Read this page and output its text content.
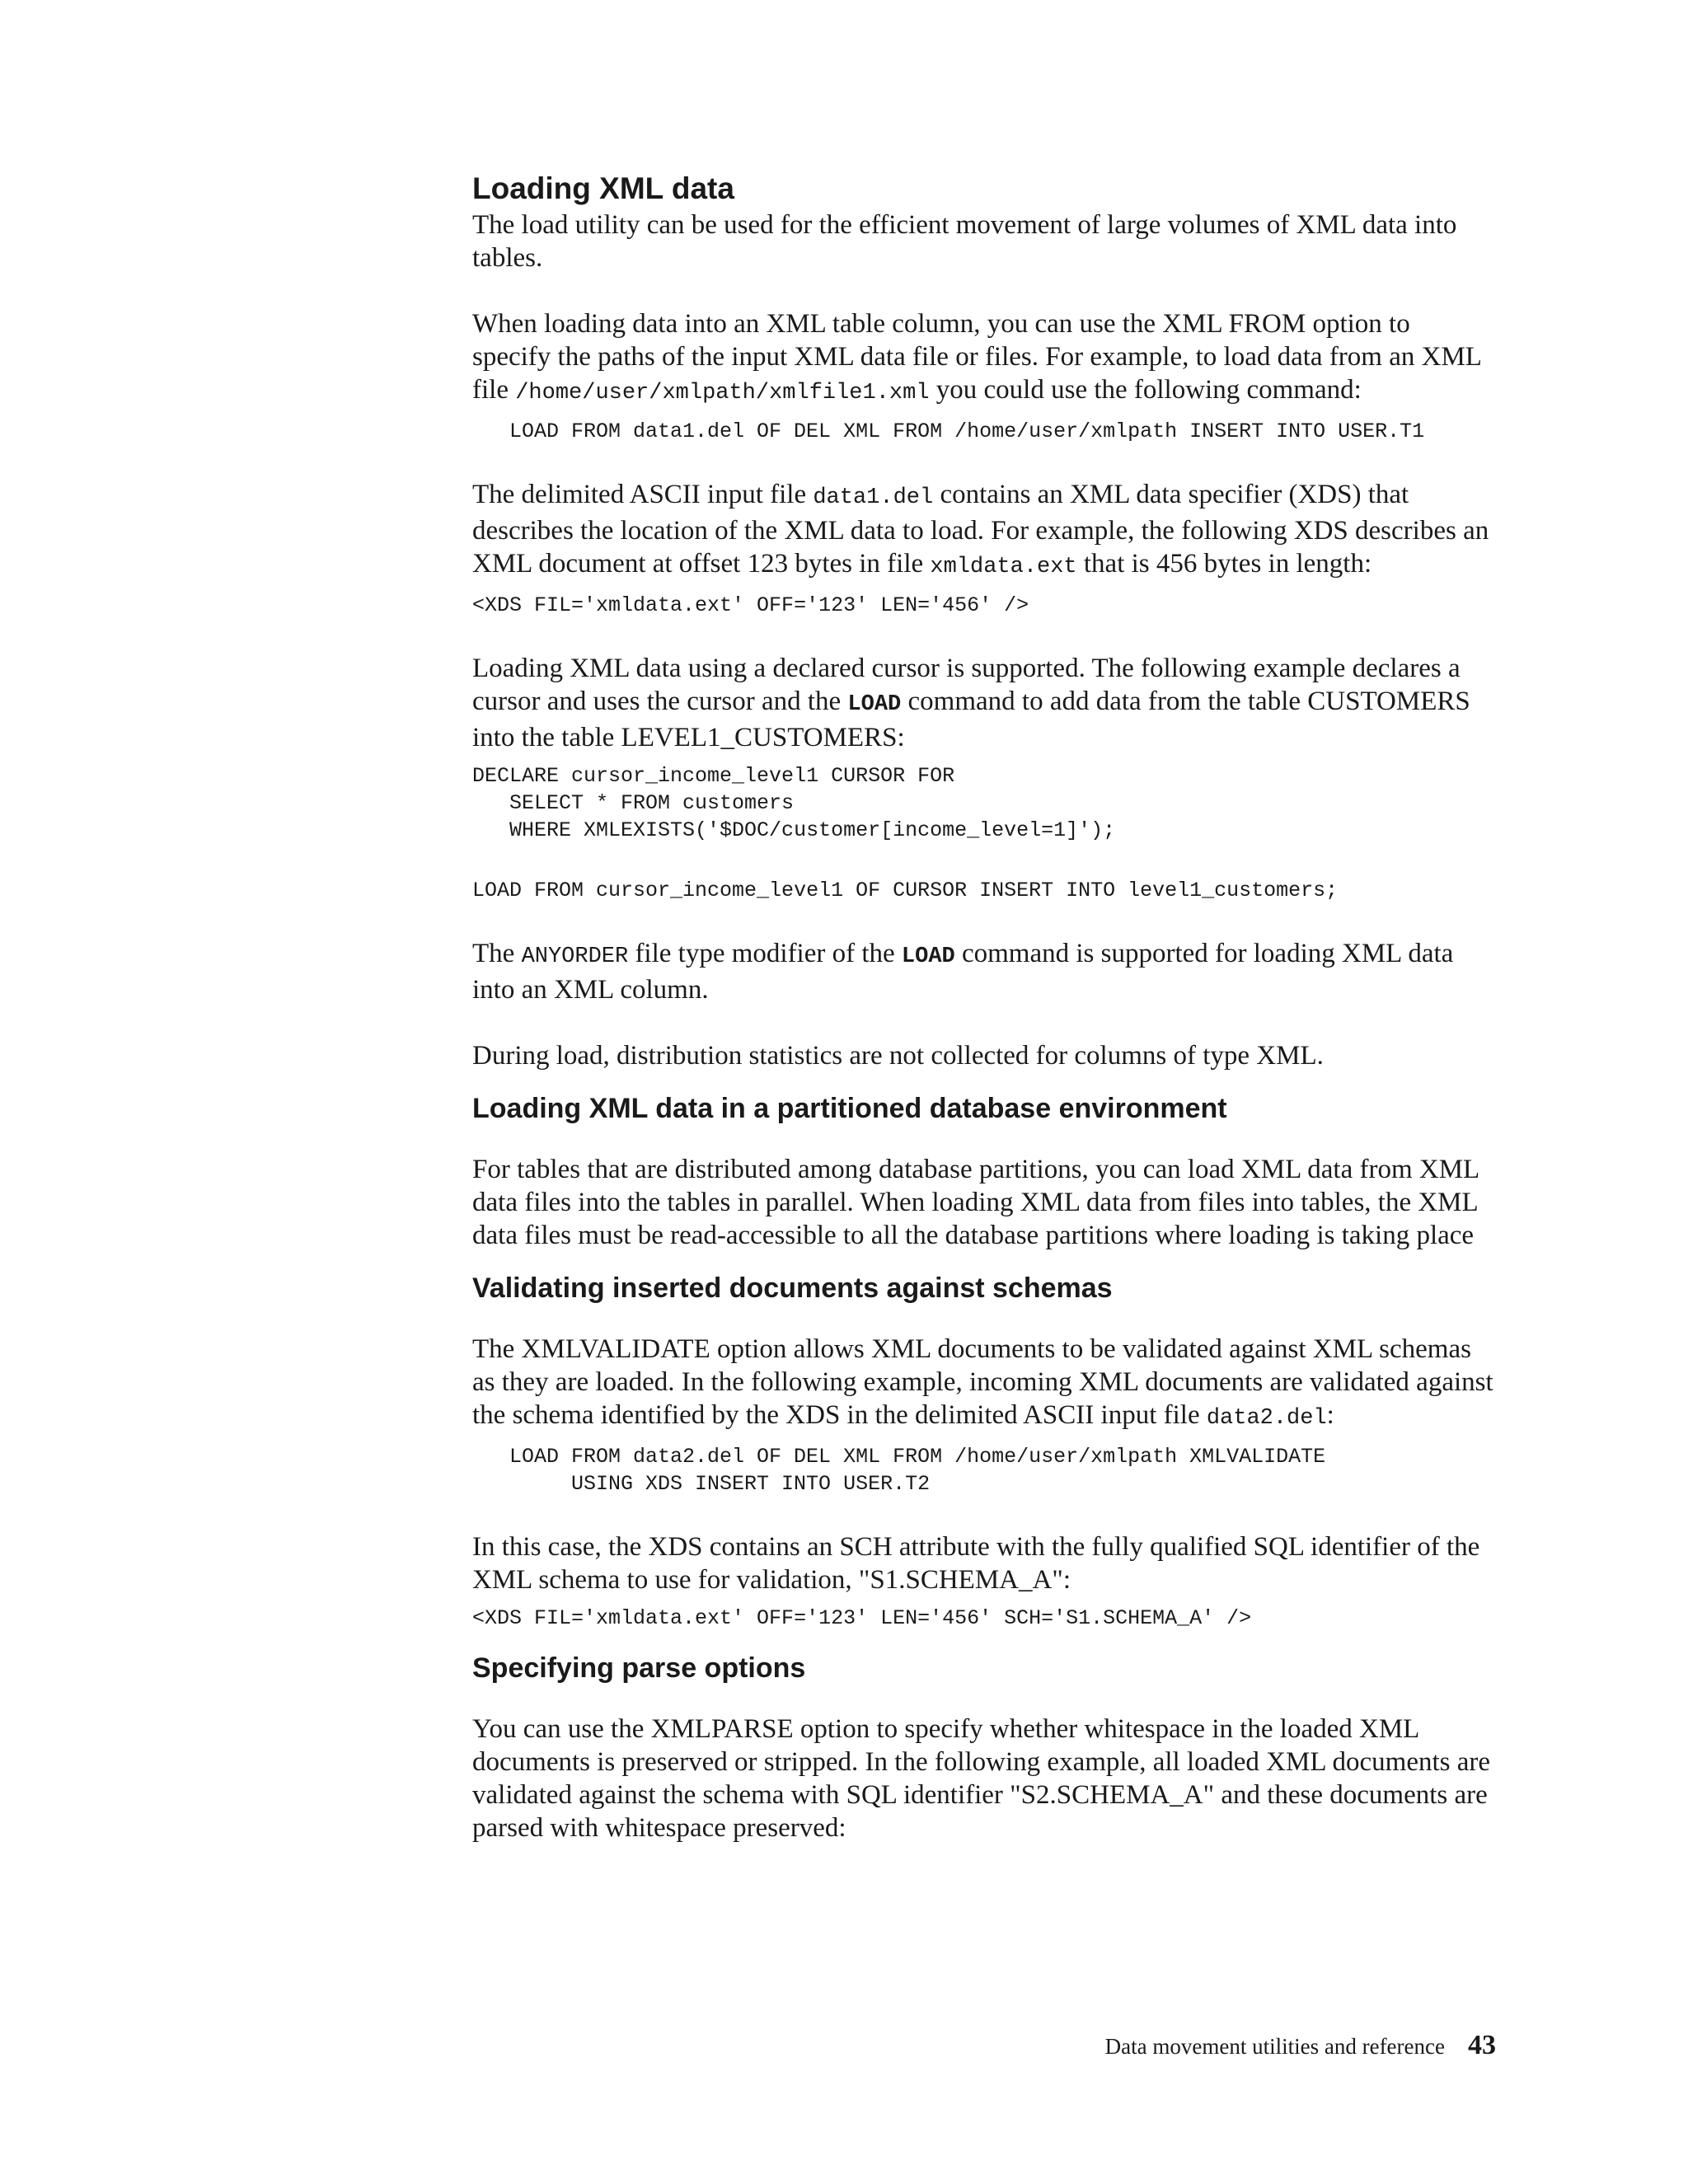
Loading XML data

The load utility can be used for the efficient movement of large volumes of XML data into tables.

When loading data into an XML table column, you can use the XML FROM option to specify the paths of the input XML data file or files. For example, to load data from an XML file /home/user/xmlpath/xmlfile1.xml you could use the following command:

LOAD FROM data1.del OF DEL XML FROM /home/user/xmlpath INSERT INTO USER.T1

The delimited ASCII input file data1.del contains an XML data specifier (XDS) that describes the location of the XML data to load. For example, the following XDS describes an XML document at offset 123 bytes in file xmldata.ext that is 456 bytes in length:

<XDS FIL='xmldata.ext' OFF='123' LEN='456' />

Loading XML data using a declared cursor is supported. The following example declares a cursor and uses the cursor and the LOAD command to add data from the table CUSTOMERS into the table LEVEL1_CUSTOMERS:

DECLARE cursor_income_level1 CURSOR FOR
SELECT * FROM customers
WHERE XMLEXISTS('$DOC/customer[income_level=1]');
LOAD FROM cursor_income_level1 OF CURSOR INSERT INTO level1_customers;

The ANYORDER file type modifier of the LOAD command is supported for loading XML data into an XML column.

During load, distribution statistics are not collected for columns of type XML.

Loading XML data in a partitioned database environment

For tables that are distributed among database partitions, you can load XML data from XML data files into the tables in parallel. When loading XML data from files into tables, the XML data files must be read-accessible to all the database partitions where loading is taking place

Validating inserted documents against schemas

The XMLVALIDATE option allows XML documents to be validated against XML schemas as they are loaded. In the following example, incoming XML documents are validated against the schema identified by the XDS in the delimited ASCII input file data2.del:

LOAD FROM data2.del OF DEL XML FROM /home/user/xmlpath XMLVALIDATE
USING XDS INSERT INTO USER.T2

In this case, the XDS contains an SCH attribute with the fully qualified SQL identifier of the XML schema to use for validation, "S1.SCHEMA_A":

<XDS FIL='xmldata.ext' OFF='123' LEN='456' SCH='S1.SCHEMA_A' />
Specifying parse options

You can use the XMLPARSE option to specify whether whitespace in the loaded XML documents is preserved or stripped. In the following example, all loaded XML documents are validated against the schema with SQL identifier "S2.SCHEMA_A" and these documents are parsed with whitespace preserved:

Data movement utilities and reference 43
